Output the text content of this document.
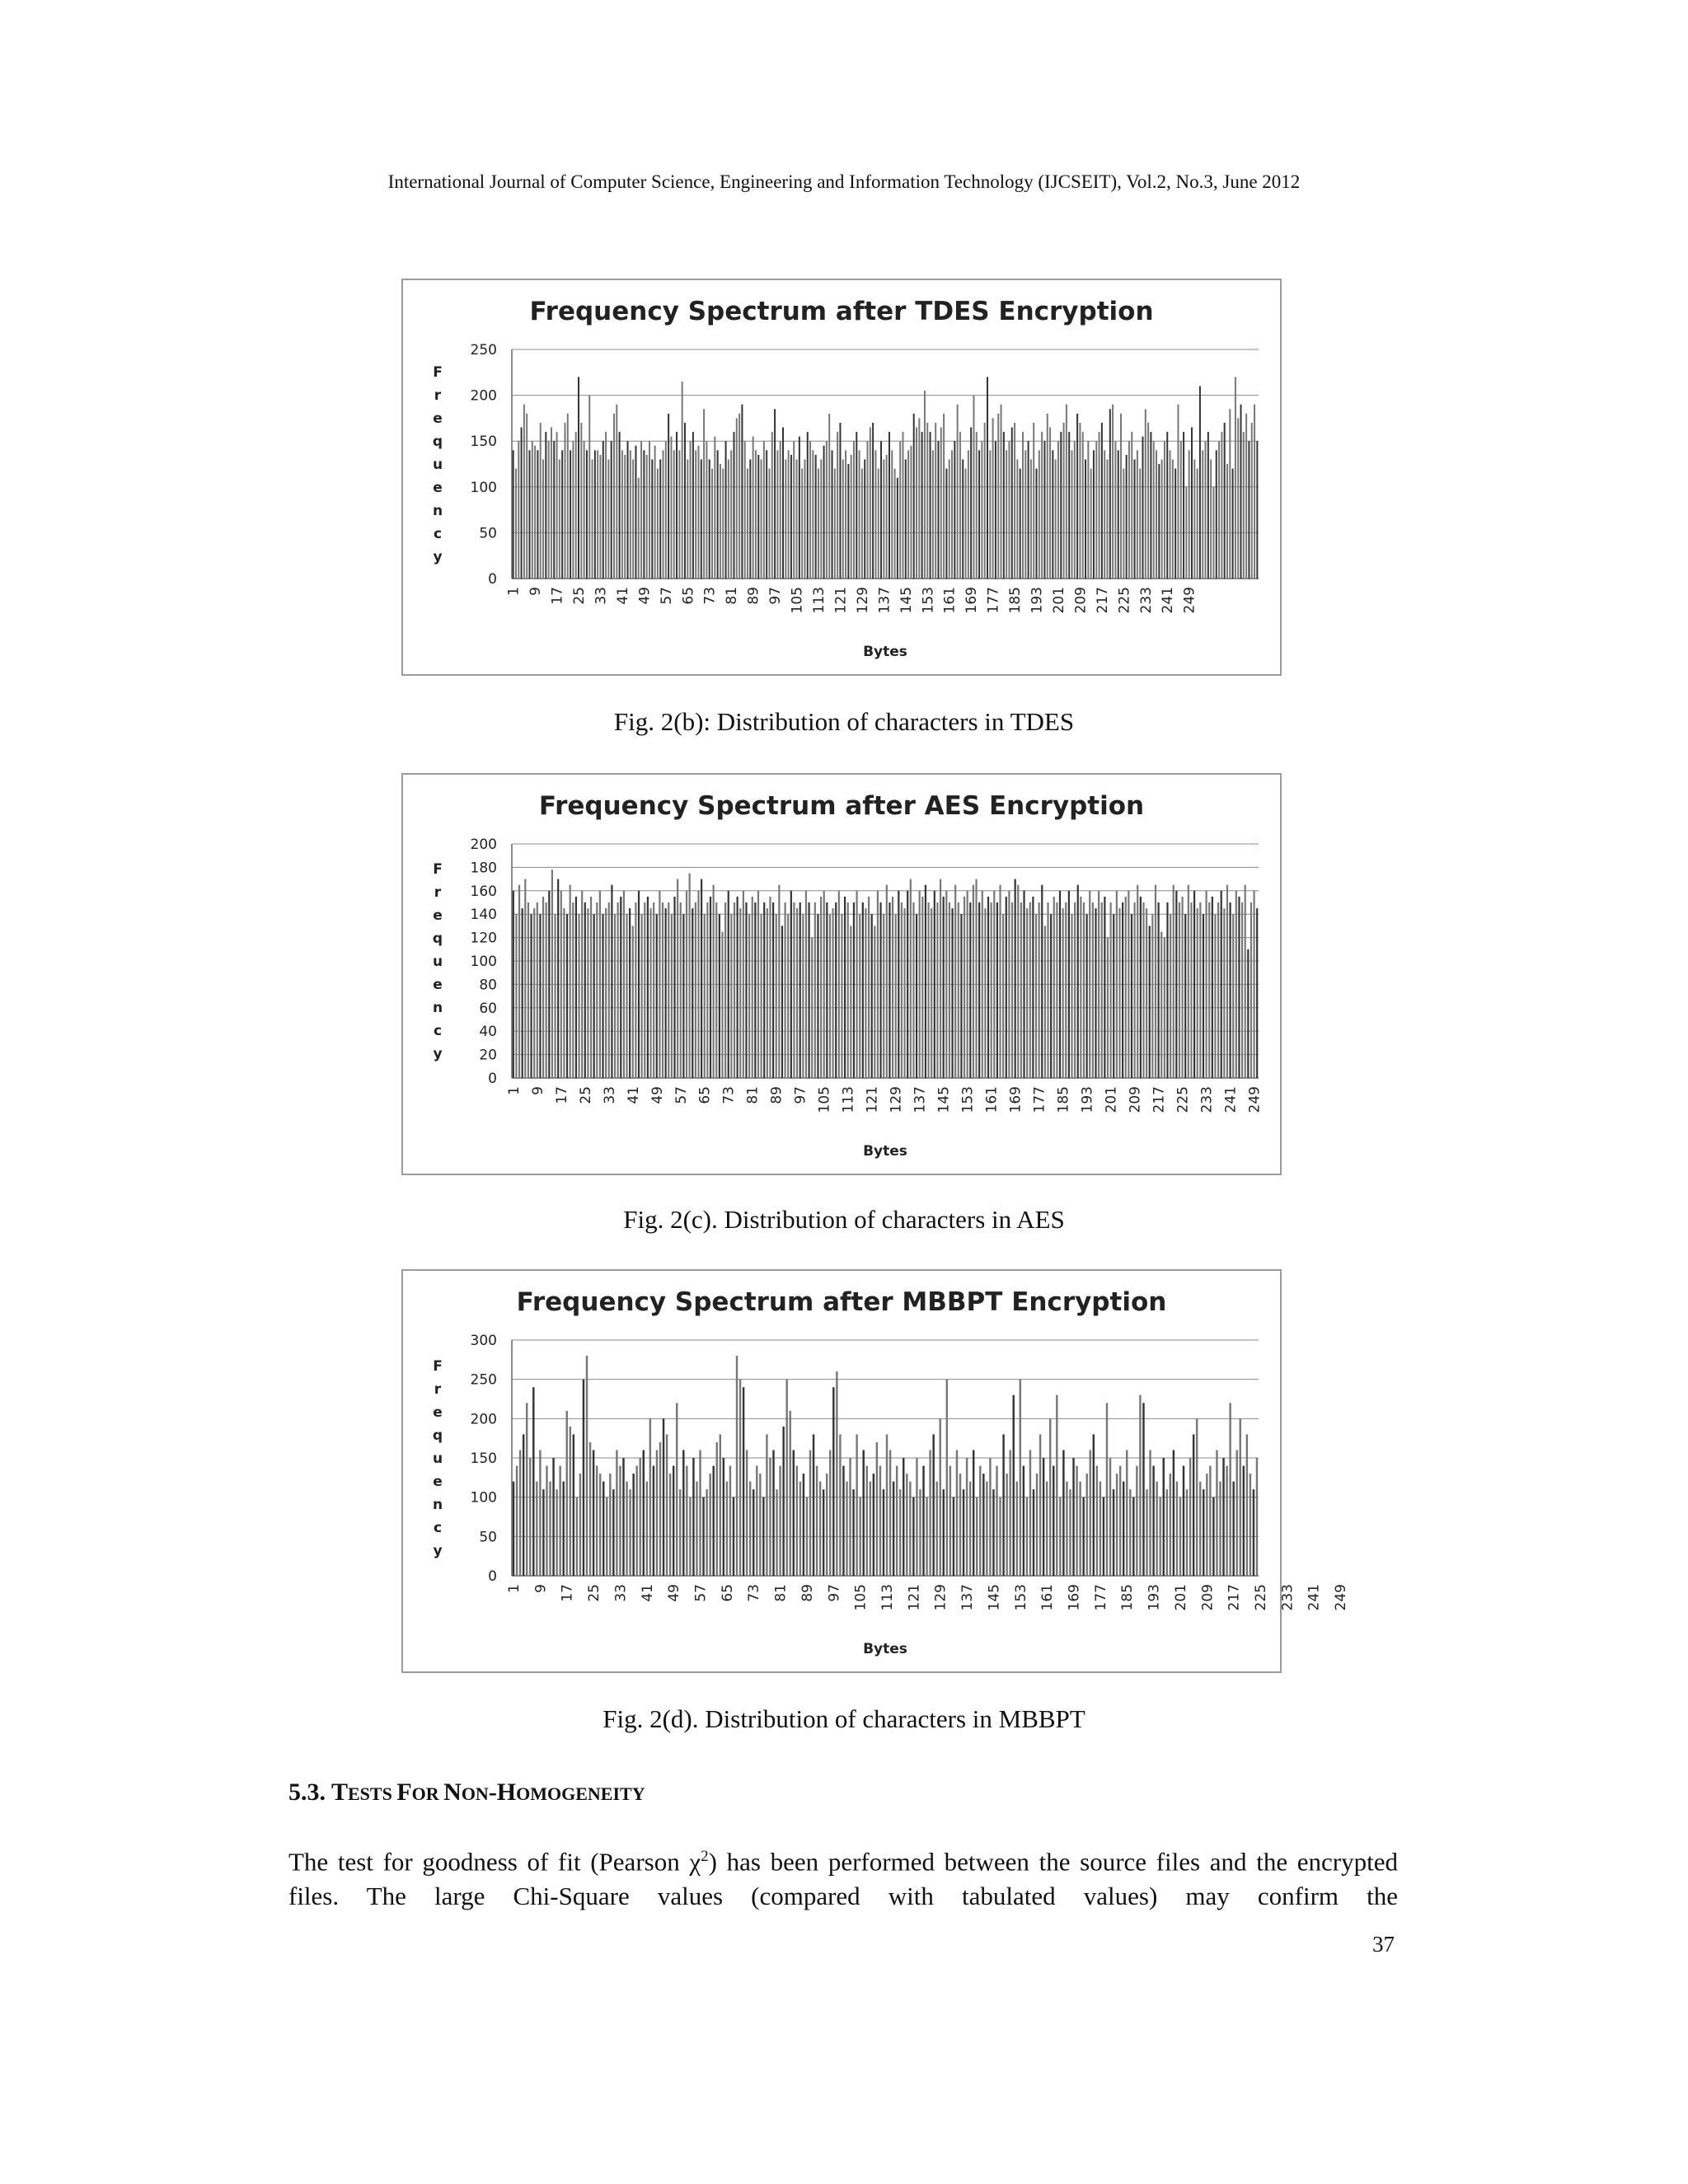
International Journal of Computer Science, Engineering and Information Technology (IJCSEIT), Vol.2, No.3, June 2012
Frequency Spectrum after TDES Encryption
F
r
e
q
u
e
n
c
y
0
50
100
150
200
250
1 9 17 25 33 41 49 57 65 73 81 89 97 105 113 121 129 137 145 153 161 169 177 185 193 201 209 217 225 233 241 249
Bytes
Fig. 2(b): Distribution of characters in TDES
Frequency Spectrum after AES Encryption
F
r
e
q
u
e
n
c
y
0
20
40
60
80
100
120
140
160
180
200
1 9 17 25 33 41 49 57 65 73 81 89 97 105 113 121 129 137 145 153 161 169 177 185 193 201 209 217 225 233 241 249
Bytes
Fig. 2(c). Distribution of characters in AES
Frequency Spectrum after MBBPT Encryption
F
r
e
q
u
e
n
c
y
0
50
100
150
200
250
300
1 9 17 25 33 41 49 57 65 73 81 89 97 105 113 121 129 137 145 153 161 169 177 185 193 201 209 217 225 233 241 249
Bytes
Fig. 2(d). Distribution of characters in MBBPT
5.3. TESTS FOR NON-HOMOGENEITY
The test for goodness of fit (Pearson $\chi^2$) has been performed between the source files and the encrypted files. The large Chi-Square values (compared with tabulated values) may confirm the
37
